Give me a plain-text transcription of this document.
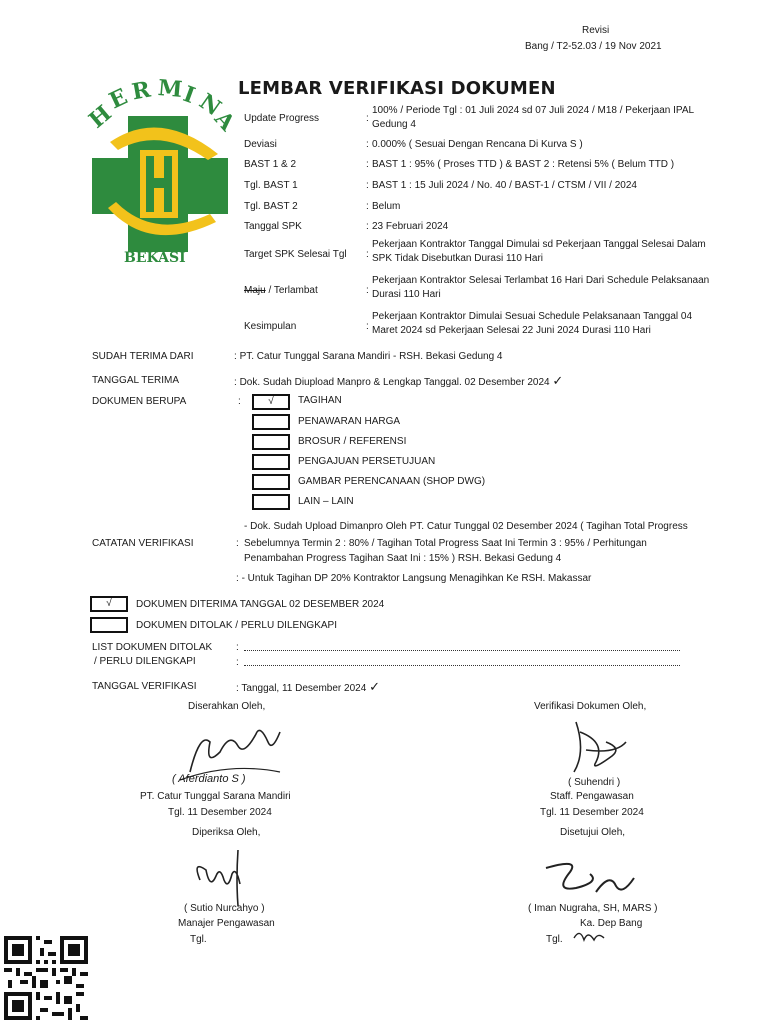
Revisi
Bang / T2-52.03 / 19 Nov 2021
H
E
R M
I
N
A
BEKASI
LEMBAR VERIFIKASI DOKUMEN
Update Progress	:
100% / Periode Tgl : 01 Juli 2024 sd 07 Juli 2024 / M18 / Pekerjaan IPAL Gedung 4
Deviasi	: 0.000% ( Sesuai Dengan Rencana Di Kurva S )
BAST 1 & 2	: BAST 1 : 95% ( Proses TTD ) & BAST 2 : Retensi 5% ( Belum TTD )
Tgl. BAST 1	: BAST 1 : 15 Juli 2024 / No. 40 / BAST-1 / CTSM / VII / 2024
Tgl. BAST 2	: Belum
Tanggal SPK	: 23 Februari 2024
Target SPK Selesai Tgl :
Pekerjaan Kontraktor Tanggal Dimulai sd Pekerjaan Tanggal Selesai Dalam SPK Tidak Disebutkan Durasi 110 Hari
Maju / Terlambat	:
Pekerjaan Kontraktor Selesai Terlambat 16 Hari Dari Schedule Pelaksanaan Durasi 110 Hari
Kesimpulan	:
Pekerjaan Kontraktor Dimulai Sesuai Schedule Pelaksanaan Tanggal 04 Maret 2024 sd Pekerjaan Selesai 22 Juni 2024 Durasi 110 Hari
SUDAH TERIMA DARI	: PT. Catur Tunggal Sarana Mandiri - RSH. Bekasi Gedung 4
TANGGAL TERIMA	: Dok. Sudah Diupload Manpro & Lengkap Tanggal. 02 Desember 2024 ✓
DOKUMEN BERUPA	:	√	TAGIHAN
PENAWARAN HARGA
BROSUR / REFERENSI
PENGAJUAN PERSETUJUAN
GAMBAR PERENCANAAN (SHOP DWG)
LAIN – LAIN
- Dok. Sudah Upload Dimanpro Oleh PT. Catur Tunggal 02 Desember 2024 ( Tagihan Total Progress
CATATAN VERIFIKASI	: Sebelumnya Termin 2 : 80% / Tagihan Total Progress Saat Ini Termin 3 : 95% / Perhitungan
Penambahan Progress Tagihan Saat Ini : 15% ) RSH. Bekasi Gedung 4
: - Untuk Tagihan DP 20% Kontraktor Langsung Menagihkan Ke RSH. Makassar
√	DOKUMEN DITERIMA TANGGAL 02 DESEMBER 2024
DOKUMEN DITOLAK / PERLU DILENGKAPI
LIST DOKUMEN DITOLAK
/ PERLU DILENGKAPI
:
:
TANGGAL VERIFIKASI	: Tanggal, 11 Desember 2024 ✓
Diserahkan Oleh,
( Aferdianto S )
PT. Catur Tunggal Sarana Mandiri
Tgl. 11 Desember 2024
Verifikasi Dokumen Oleh,
( Suhendri )
Staff. Pengawasan
Tgl. 11 Desember 2024
Diperiksa Oleh,
( Sutio Nurcahyo )
Manajer Pengawasan
Tgl.
Disetujui Oleh,
( Iman Nugraha, SH, MARS )
Ka. Dep Bang
Tgl.
